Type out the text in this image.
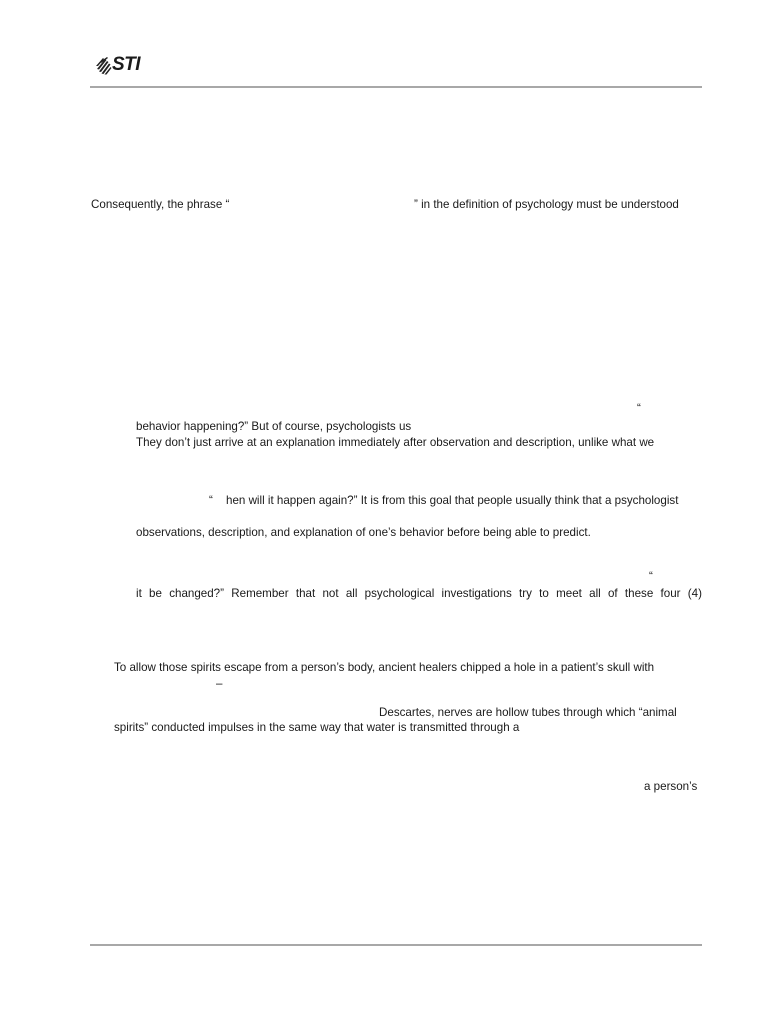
STI
Consequently, the phrase “	” in the definition of psychology must be understood
“
behavior happening?” But of course, psychologists us
They don’t just arrive at an explanation immediately after observation and description, unlike what we
“ hen will it happen again?” It is from this goal that people usually think that a psychologist
observations, description, and explanation of one’s behavior before being able to predict.
“
it be changed?” Remember that not all psychological investigations try to meet all of these four (4)
To allow those spirits escape from a person’s body, ancient healers chipped a hole in a patient’s skull with
–
Descartes, nerves are hollow tubes through which “animal
spirits” conducted impulses in the same way that water is transmitted through a
a person’s
